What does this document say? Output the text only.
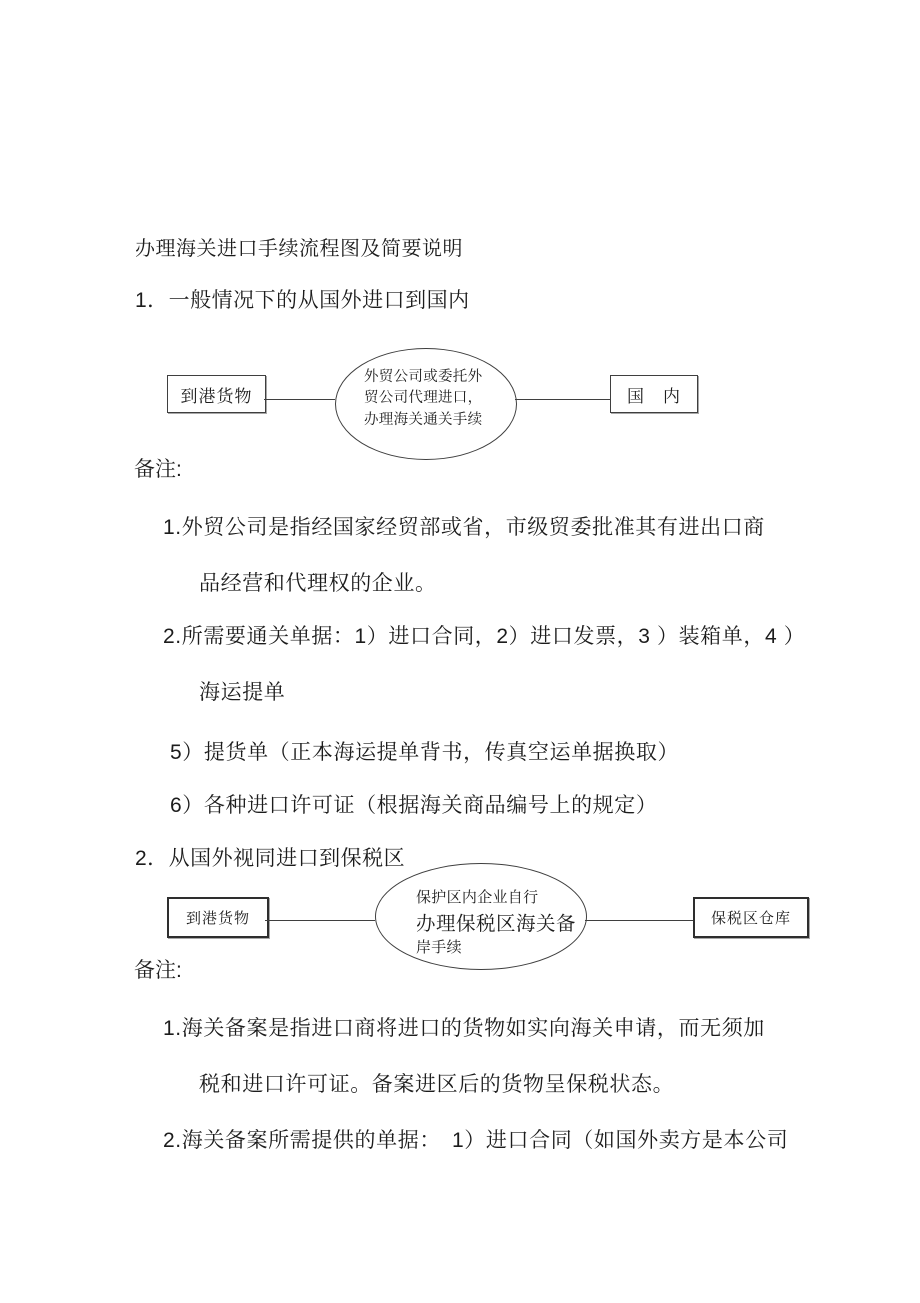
办理海关进口手续流程图及简要说明
1．一般情况下的从国外进口到国内
到港货物
外贸公司或委托外
贸公司代理进口，
办理海关通关手续
国　内
备注:
1.外贸公司是指经国家经贸部或省，市级贸委批准其有进出口商
品经营和代理权的企业。
2.所需要通关单据：1）进口合同，2）进口发票，3 ）装箱单，4 ）
海运提单
5）提货单（正本海运提单背书，传真空运单据换取）
6）各种进口许可证（根据海关商品编号上的规定）
2．从国外视同进口到保税区
到港货物
保护区内企业自行
办理保税区海关备
岸手续
保税区仓库
备注:
1.海关备案是指进口商将进口的货物如实向海关申请，而无须加
税和进口许可证。备案进区后的货物呈保税状态。
2.海关备案所需提供的单据：　1）进口合同（如国外卖方是本公司
